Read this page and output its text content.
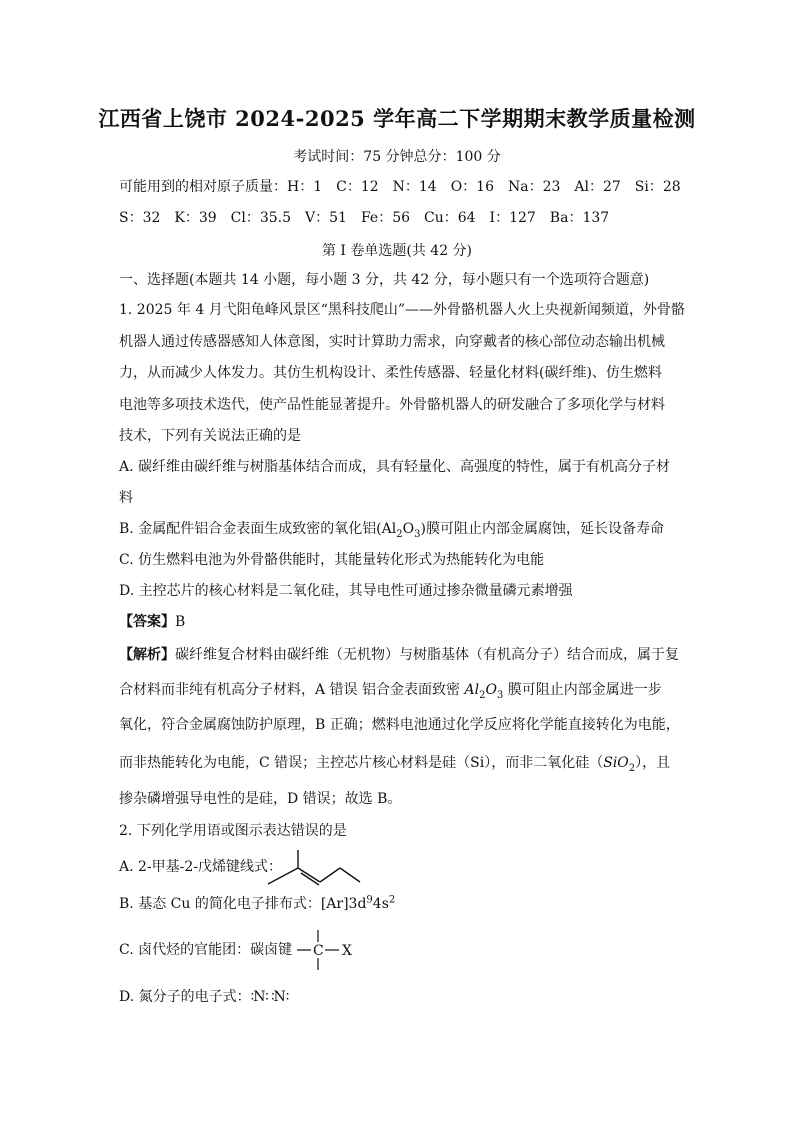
江西省上饶市 2024-2025 学年高二下学期期末教学质量检测
考试时间：75 分钟总分：100 分
可能用到的相对原子质量：H：1　C：12　N：14　O：16　Na：23　Al：27　Si：28
S：32　K：39　Cl：35.5　V：51　Fe：56　Cu：64　I：127　Ba：137
第 I 卷单选题(共 42 分)
一、选择题(本题共 14 小题，每小题 3 分，共 42 分，每小题只有一个选项符合题意)
1. 2025 年 4 月弋阳龟峰风景区“黑科技爬山”——外骨骼机器人火上央视新闻频道，外骨骼
机器人通过传感器感知人体意图，实时计算助力需求，向穿戴者的核心部位动态输出机械
力，从而减少人体发力。其仿生机构设计、柔性传感器、轻量化材料(碳纤维)、仿生燃料
电池等多项技术迭代，使产品性能显著提升。外骨骼机器人的研发融合了多项化学与材料
技术，下列有关说法正确的是
A. 碳纤维由碳纤维与树脂基体结合而成，具有轻量化、高强度的特性，属于有机高分子材
料
B. 金属配件铝合金表面生成致密的氧化铝$(Al_2O_3)$膜可阻止内部金属腐蚀，延长设备寿命
C. 仿生燃料电池为外骨骼供能时，其能量转化形式为热能转化为电能
D. 主控芯片的核心材料是二氧化硅，其导电性可通过掺杂微量磷元素增强
【答案】B
【解析】碳纤维复合材料由碳纤维（无机物）与树脂基体（有机高分子）结合而成，属于复
合材料而非纯有机高分子材料，A 错误 铝合金表面致密 $Al_2O_3$ 膜可阻止内部金属进一步
氧化，符合金属腐蚀防护原理，B 正确；燃料电池通过化学反应将化学能直接转化为电能，
而非热能转化为电能，C 错误；主控芯片核心材料是硅（Si），而非二氧化硅（SiO$_2$），且
掺杂磷增强导电性的是硅，D 错误；故选 B。
2. 下列化学用语或图示表达错误的是
A. 2-甲基-2-戊烯键线式：
B. 基态 Cu 的简化电子排布式：$[Ar]3d^94s^2$
C. 卤代烃的官能团：碳卤键 C X
D. 氮分子的电子式：∶N∷N∶
